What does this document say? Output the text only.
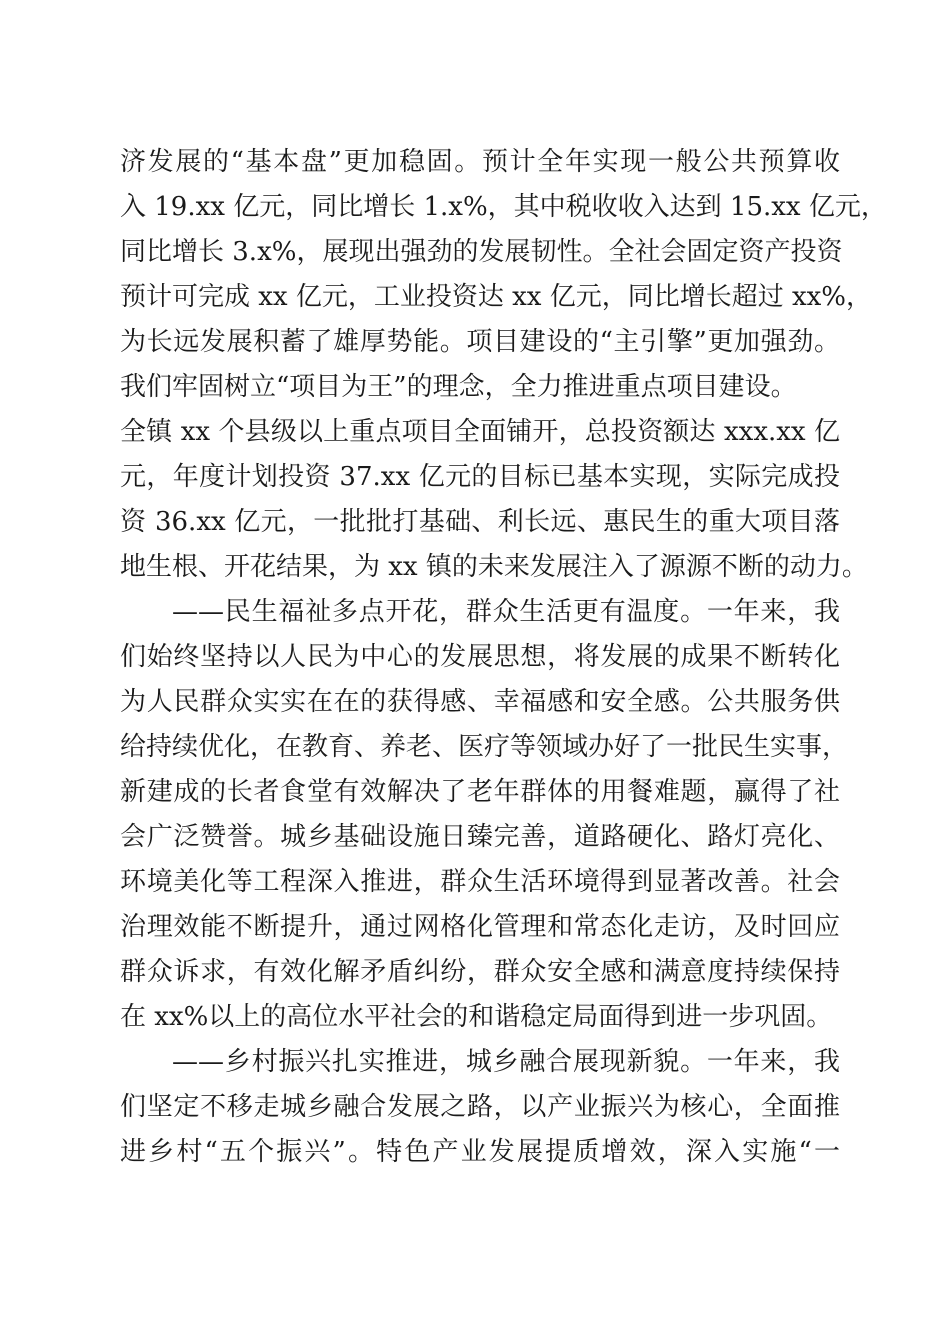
济发展的“基本盘”更加稳固。预计全年实现一般公共预算收
入 19.xx 亿元，同比增长 1.x%，其中税收收入达到 15.xx 亿元，
同比增长 3.x%，展现出强劲的发展韧性。全社会固定资产投资
预计可完成 xx 亿元，工业投资达 xx 亿元，同比增长超过 xx%，
为长远发展积蓄了雄厚势能。项目建设的“主引擎”更加强劲。
我们牢固树立“项目为王”的理念，全力推进重点项目建设。
全镇 xx 个县级以上重点项目全面铺开，总投资额达 xxx.xx 亿
元，年度计划投资 37.xx 亿元的目标已基本实现，实际完成投
资 36.xx 亿元，一批批打基础、利长远、惠民生的重大项目落
地生根、开花结果，为 xx 镇的未来发展注入了源源不断的动力。
——民生福祉多点开花，群众生活更有温度。一年来，我
们始终坚持以人民为中心的发展思想，将发展的成果不断转化
为人民群众实实在在的获得感、幸福感和安全感。公共服务供
给持续优化，在教育、养老、医疗等领域办好了一批民生实事，
新建成的长者食堂有效解决了老年群体的用餐难题，赢得了社
会广泛赞誉。城乡基础设施日臻完善，道路硬化、路灯亮化、
环境美化等工程深入推进，群众生活环境得到显著改善。社会
治理效能不断提升，通过网格化管理和常态化走访，及时回应
群众诉求，有效化解矛盾纠纷，群众安全感和满意度持续保持
在 xx%以上的高位水平社会的和谐稳定局面得到进一步巩固。
——乡村振兴扎实推进，城乡融合展现新貌。一年来，我
们坚定不移走城乡融合发展之路，以产业振兴为核心，全面推
进乡村“五个振兴”。特色产业发展提质增效，深入实施“一
